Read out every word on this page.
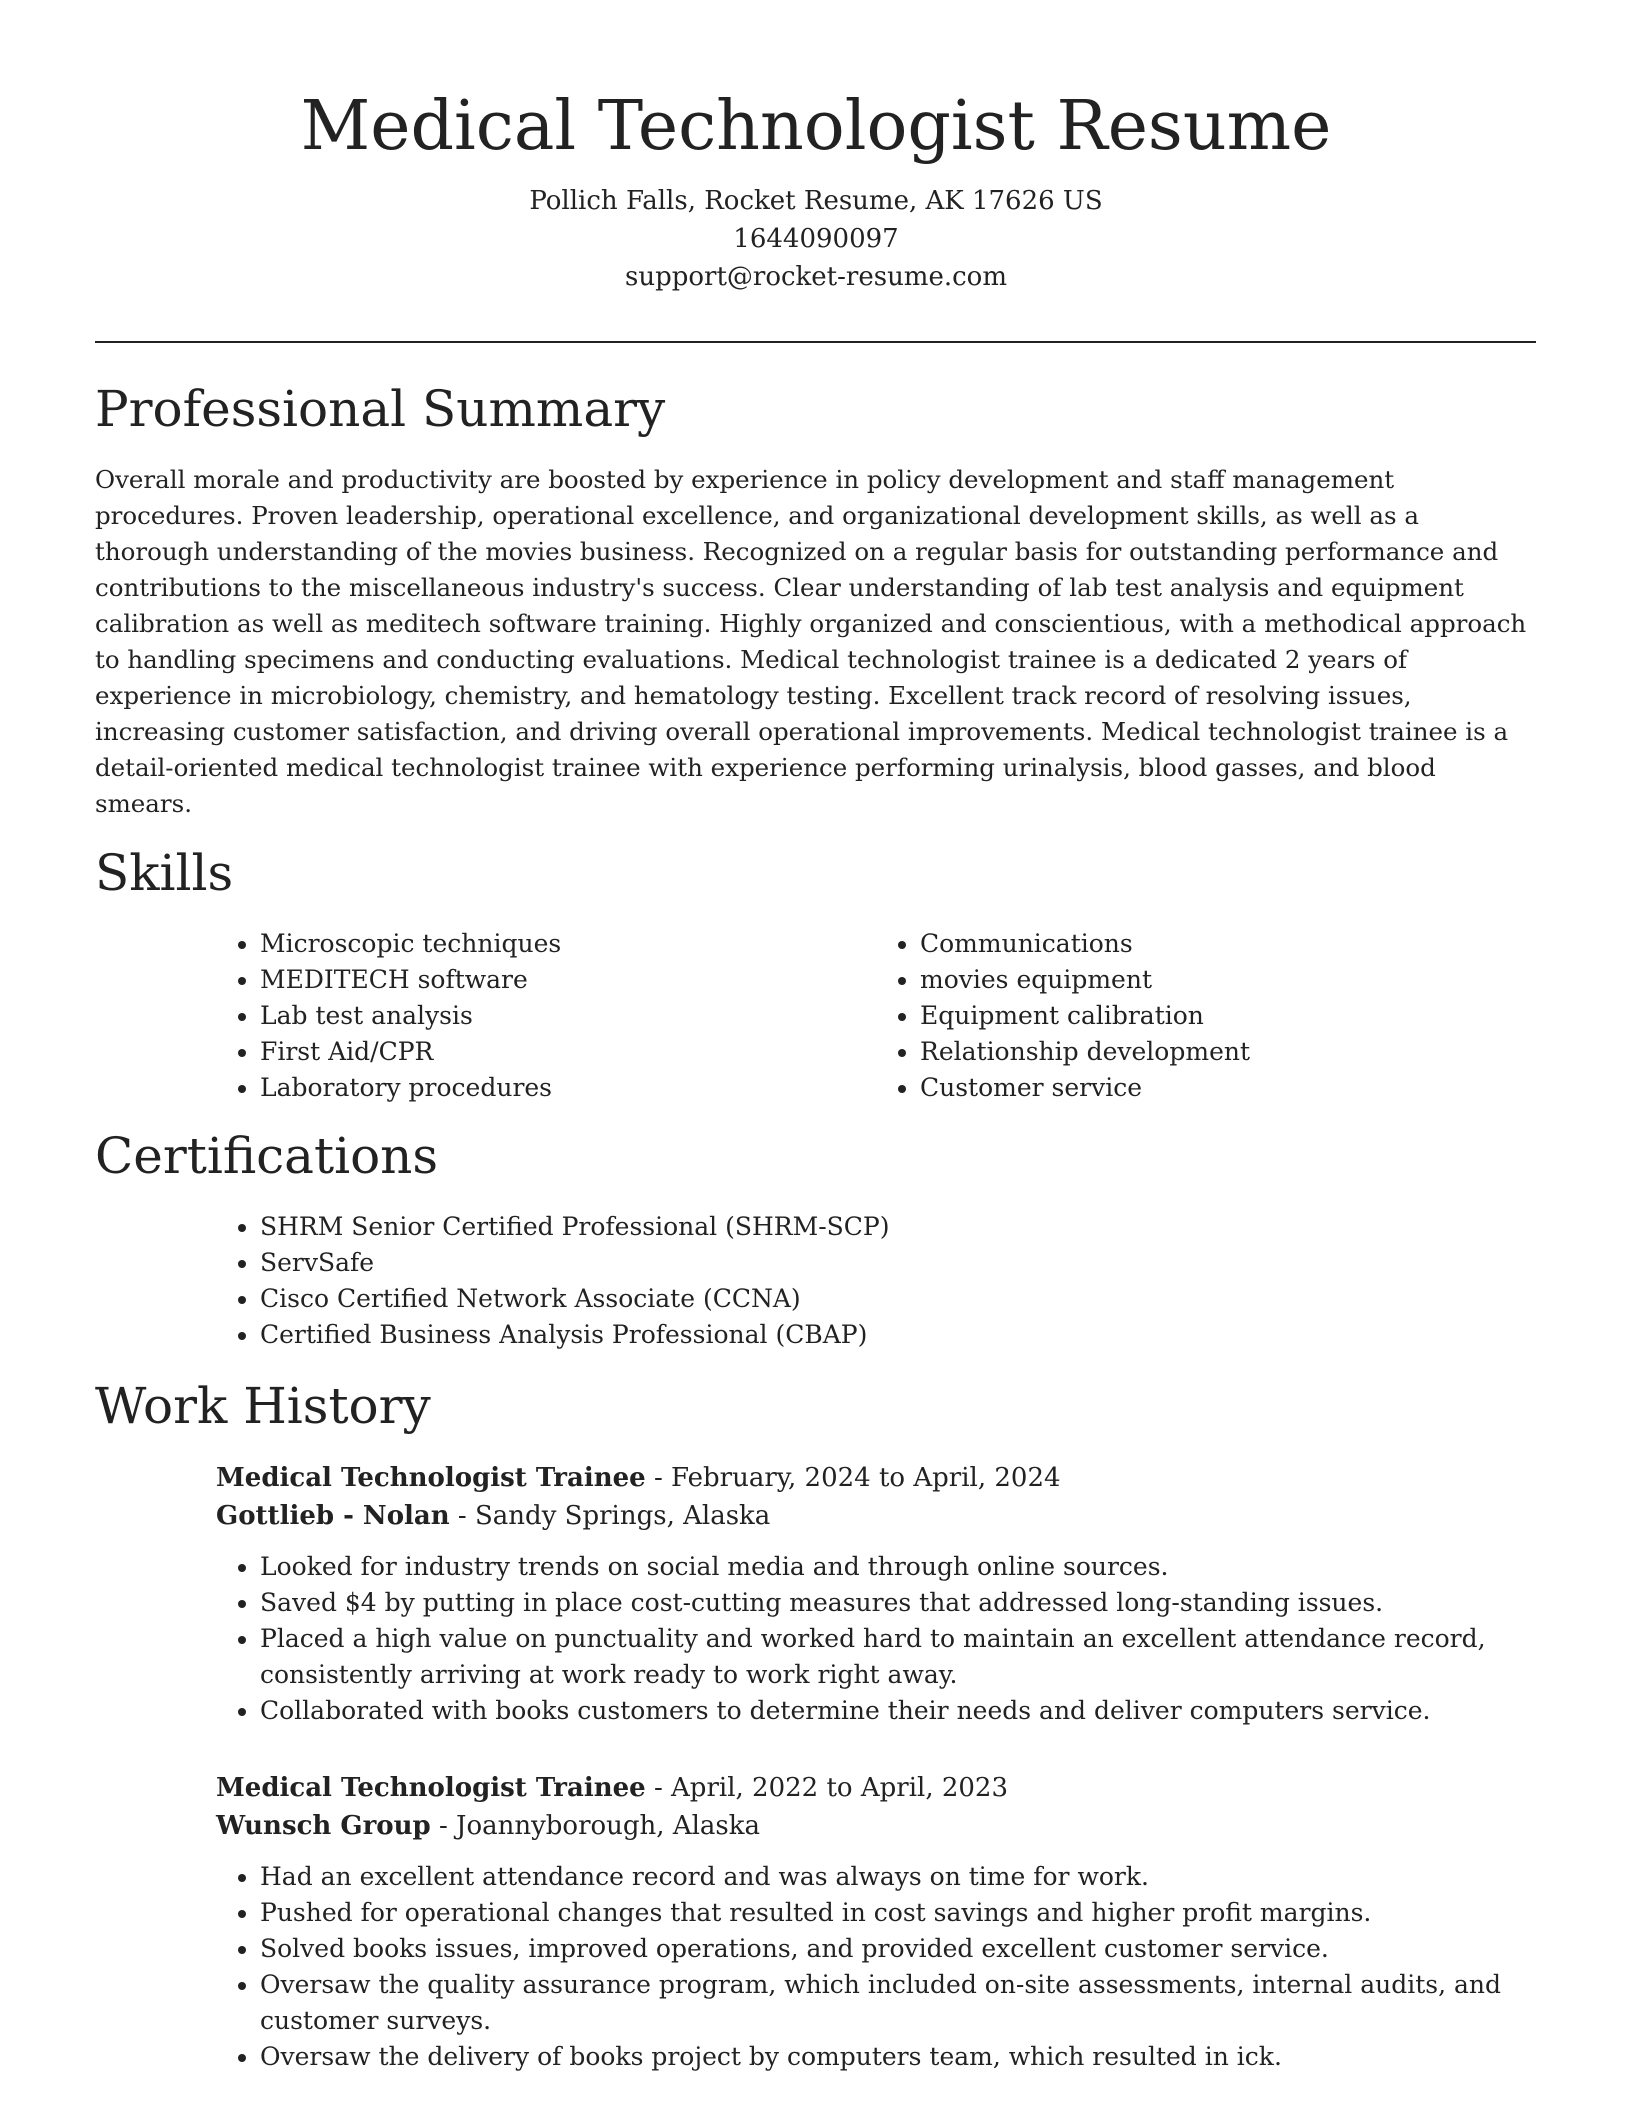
Medical Technologist Resume
Pollich Falls, Rocket Resume, AK 17626 US
1644090097
support@rocket-resume.com
Professional Summary

Overall morale and productivity are boosted by experience in policy development and staff management procedures. Proven leadership, operational excellence, and organizational development skills, as well as a thorough understanding of the movies business. Recognized on a regular basis for outstanding performance and contributions to the miscellaneous industry's success. Clear understanding of lab test analysis and equipment calibration as well as meditech software training. Highly organized and conscientious, with a methodical approach to handling specimens and conducting evaluations. Medical technologist trainee is a dedicated 2 years of experience in microbiology, chemistry, and hematology testing. Excellent track record of resolving issues, increasing customer satisfaction, and driving overall operational improvements. Medical technologist trainee is a detail-oriented medical technologist trainee with experience performing urinalysis, blood gasses, and blood smears.

Skills
• Microscopic techniques
• MEDITECH software
• Lab test analysis
• First Aid/CPR
• Laboratory procedures
• Communications
• movies equipment
• Equipment calibration
• Relationship development
• Customer service
Certifications
• SHRM Senior Certified Professional (SHRM-SCP)
• ServSafe
• Cisco Certified Network Associate (CCNA)
• Certified Business Analysis Professional (CBAP)
Work History
Medical Technologist Trainee - February, 2024 to April, 2024
Gottlieb - Nolan - Sandy Springs, Alaska
• Looked for industry trends on social media and through online sources.
• Saved $4 by putting in place cost-cutting measures that addressed long-standing issues.
• Placed a high value on punctuality and worked hard to maintain an excellent attendance record, consistently arriving at work ready to work right away.
• Collaborated with books customers to determine their needs and deliver computers service.
Medical Technologist Trainee - April, 2022 to April, 2023
Wunsch Group - Joannyborough, Alaska
• Had an excellent attendance record and was always on time for work.
• Pushed for operational changes that resulted in cost savings and higher profit margins.
• Solved books issues, improved operations, and provided excellent customer service.
• Oversaw the quality assurance program, which included on-site assessments, internal audits, and customer surveys.
• Oversaw the delivery of books project by computers team, which resulted in ick.
